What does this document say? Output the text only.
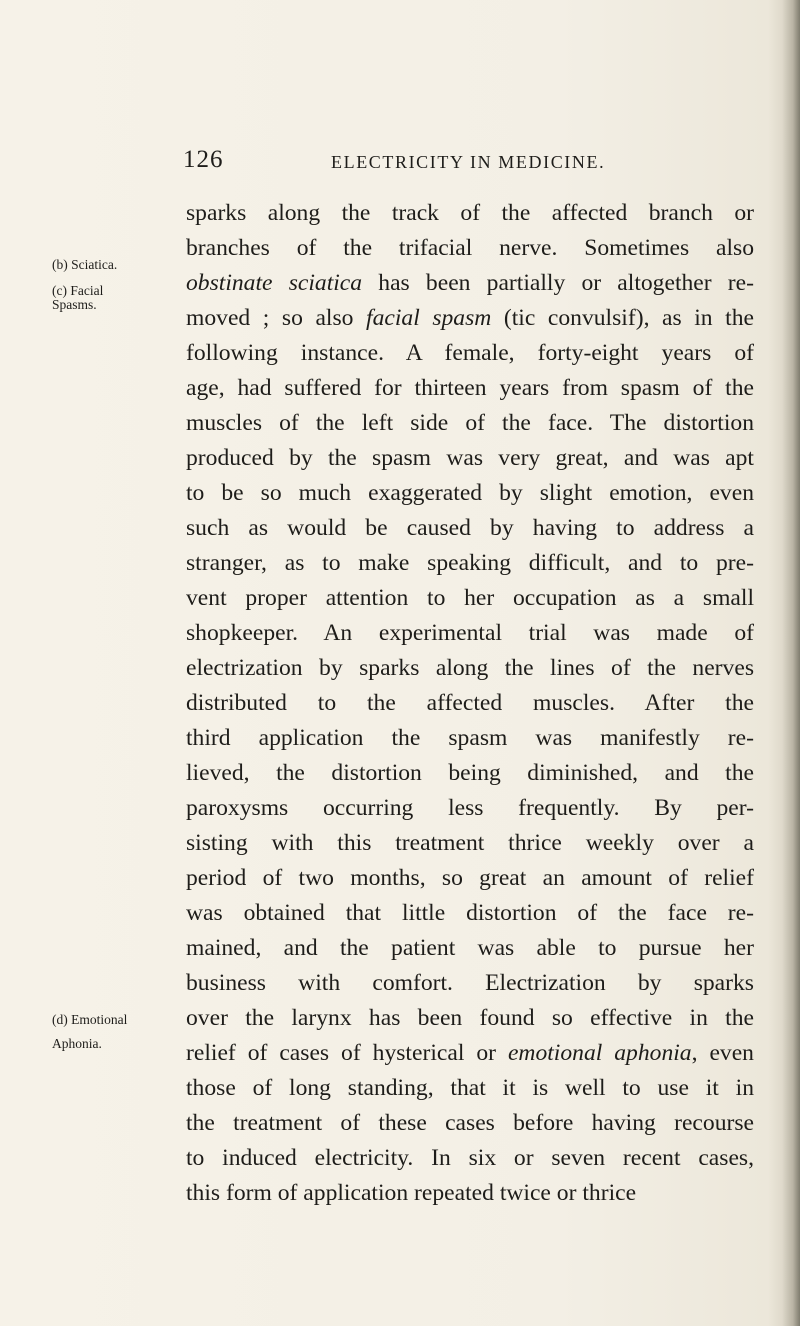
126	ELECTRICITY IN MEDICINE.
(b) Sciatica.
(c) Facial
Spasms.
(d) Emotional
Aphonia.
sparks along the track of the affected branch or
branches of the trifacial nerve. Sometimes also
obstinate sciatica has been partially or altogether re-
moved ; so also facial spasm (tic convulsif), as in the
following instance. A female, forty-eight years of
age, had suffered for thirteen years from spasm of the
muscles of the left side of the face. The distortion
produced by the spasm was very great, and was apt
to be so much exaggerated by slight emotion, even
such as would be caused by having to address a
stranger, as to make speaking difficult, and to pre-
vent proper attention to her occupation as a small
shopkeeper. An experimental trial was made of
electrization by sparks along the lines of the nerves
distributed to the affected muscles. After the
third application the spasm was manifestly re-
lieved, the distortion being diminished, and the
paroxysms occurring less frequently. By per-
sisting with this treatment thrice weekly over a
period of two months, so great an amount of relief
was obtained that little distortion of the face re-
mained, and the patient was able to pursue her
business with comfort. Electrization by sparks
over the larynx has been found so effective in the
relief of cases of hysterical or emotional aphonia, even
those of long standing, that it is well to use it in
the treatment of these cases before having recourse
to induced electricity. In six or seven recent cases,
this form of application repeated twice or thrice
